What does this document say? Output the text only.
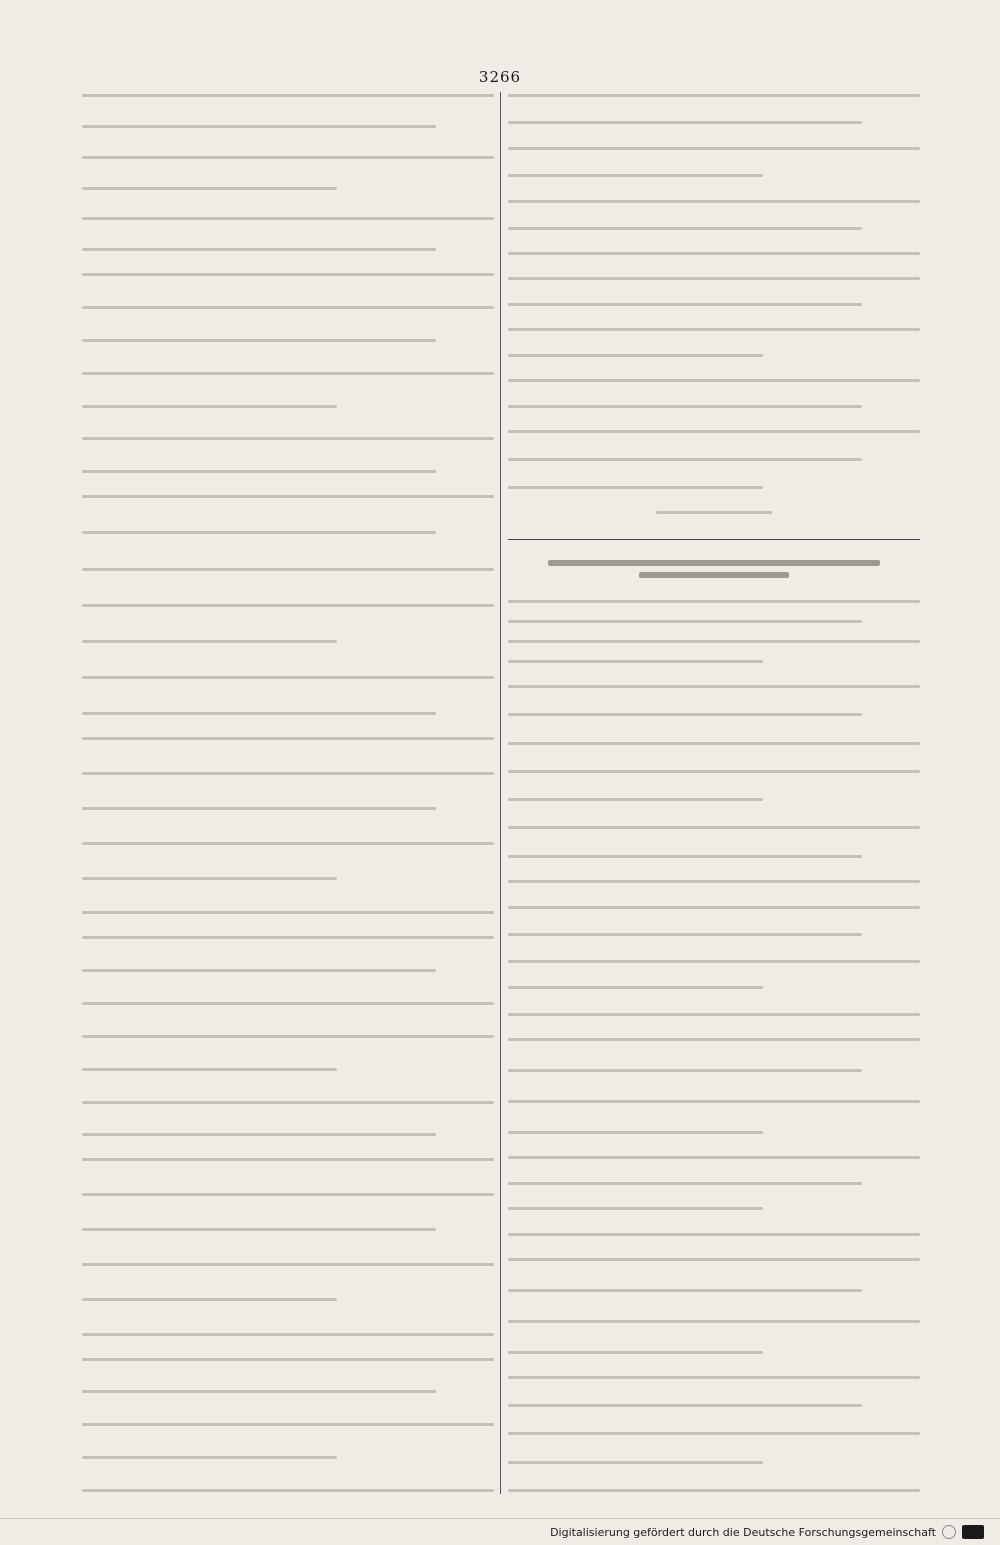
3266
Digitalisierung gefördert durch die Deutsche Forschungsgemeinschaft
